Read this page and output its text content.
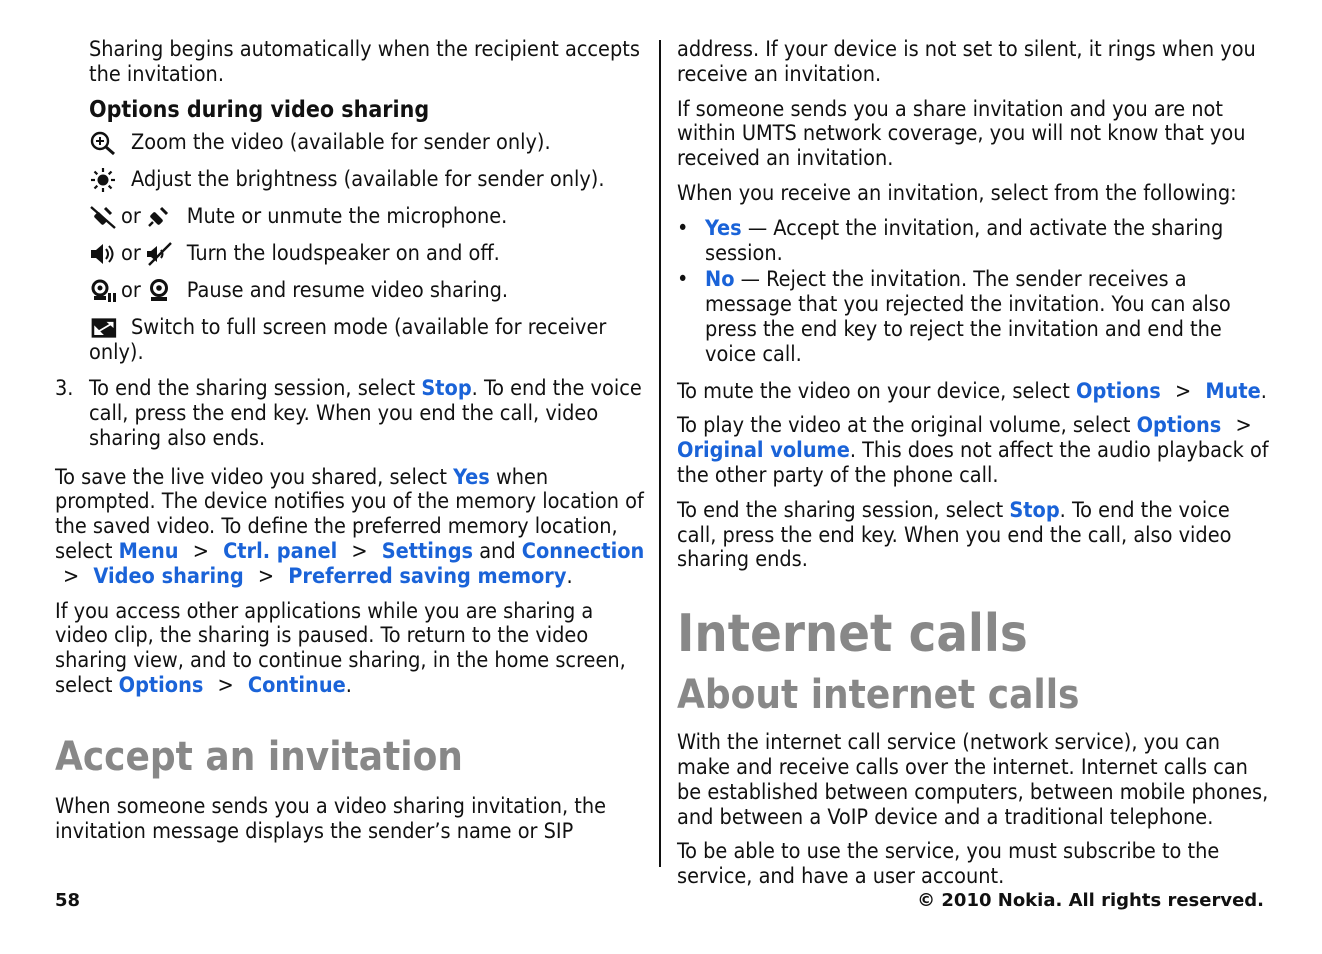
Sharing begins automatically when the recipient accepts the invitation.

Options during video sharing
Zoom the video (available for sender only).
Adjust the brightness (available for sender only).
or Mute or unmute the microphone.
or Turn the loudspeaker on and off.
or Pause and resume video sharing.
Switch to full screen mode (available for receiver only).
3. To end the sharing session, select Stop. To end the voice call, press the end key. When you end the call, video sharing also ends.

To save the live video you shared, select Yes when prompted. The device notifies you of the memory location of the saved video. To define the preferred memory location, select Menu > Ctrl. panel > Settings and Connection > Video sharing > Preferred saving memory.

If you access other applications while you are sharing a video clip, the sharing is paused. To return to the video sharing view, and to continue sharing, in the home screen, select Options > Continue.

Accept an invitation

When someone sends you a video sharing invitation, the invitation message displays the sender’s name or SIP

address. If your device is not set to silent, it rings when you receive an invitation.

If someone sends you a share invitation and you are not within UMTS network coverage, you will not know that you received an invitation.

When you receive an invitation, select from the following:

• Yes — Accept the invitation, and activate the sharing session.
• No — Reject the invitation. The sender receives a message that you rejected the invitation. You can also press the end key to reject the invitation and end the voice call.

To mute the video on your device, select Options > Mute.

To play the video at the original volume, select Options > Original volume. This does not affect the audio playback of the other party of the phone call.

To end the sharing session, select Stop. To end the voice call, press the end key. When you end the call, also video sharing ends.

Internet calls
About internet calls

With the internet call service (network service), you can make and receive calls over the internet. Internet calls can be established between computers, between mobile phones, and between a VoIP device and a traditional telephone.

To be able to use the service, you must subscribe to the service, and have a user account.

58	© 2010 Nokia. All rights reserved.
